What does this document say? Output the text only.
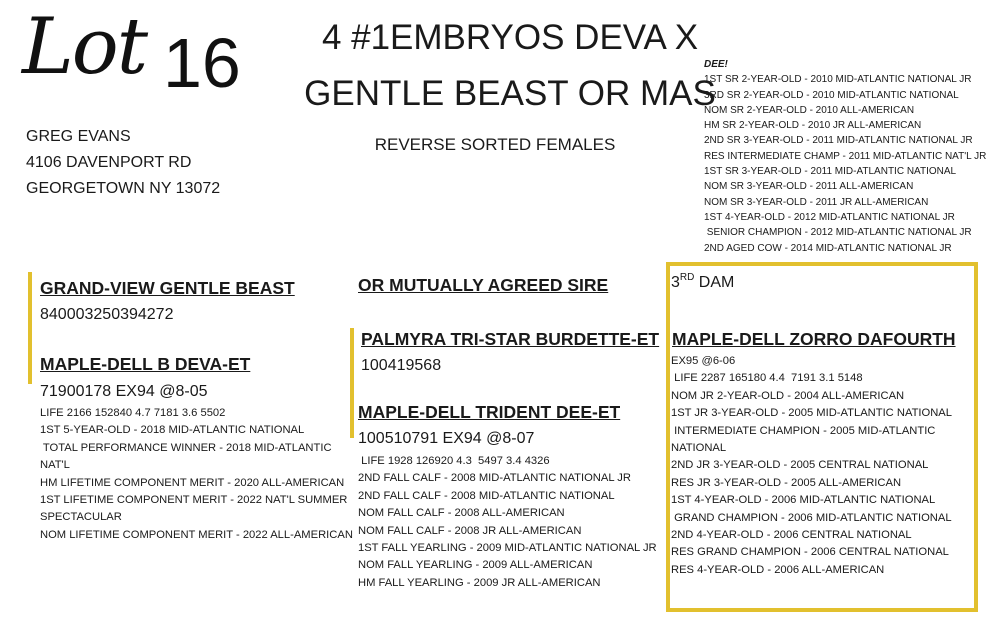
Lot 16
GREG EVANS
4106 DAVENPORT RD
GEORGETOWN NY 13072
4 #1EMBRYOS DEVA X
GENTLE BEAST OR MAS
REVERSE SORTED FEMALES
DEE!
1ST SR 2-YEAR-OLD - 2010 MID-ATLANTIC NATIONAL JR
3RD SR 2-YEAR-OLD - 2010 MID-ATLANTIC NATIONAL
NOM SR 2-YEAR-OLD - 2010 ALL-AMERICAN
HM SR 2-YEAR-OLD - 2010 JR ALL-AMERICAN
2ND SR 3-YEAR-OLD - 2011 MID-ATLANTIC NATIONAL JR
RES INTERMEDIATE CHAMP - 2011 MID-ATLANTIC NAT'L JR
1ST SR 3-YEAR-OLD - 2011 MID-ATLANTIC NATIONAL
NOM SR 3-YEAR-OLD - 2011 ALL-AMERICAN
NOM SR 3-YEAR-OLD - 2011 JR ALL-AMERICAN
1ST 4-YEAR-OLD - 2012 MID-ATLANTIC NATIONAL JR
SENIOR CHAMPION - 2012 MID-ATLANTIC NATIONAL JR
2ND AGED COW - 2014 MID-ATLANTIC NATIONAL JR
GRAND-VIEW GENTLE BEAST
840003250394272
MAPLE-DELL B DEVA-ET
71900178 EX94 @8-05
LIFE 2166 152840 4.7 7181 3.6 5502
1ST 5-YEAR-OLD - 2018 MID-ATLANTIC NATIONAL
TOTAL PERFORMANCE WINNER - 2018 MID-ATLANTIC
NAT'L
HM LIFETIME COMPONENT MERIT - 2020 ALL-AMERICAN
1ST LIFETIME COMPONENT MERIT - 2022 NAT'L SUMMER
SPECTACULAR
NOM LIFETIME COMPONENT MERIT - 2022 ALL-AMERICAN
OR MUTUALLY AGREED SIRE
PALMYRA TRI-STAR BURDETTE-ET
100419568
MAPLE-DELL TRIDENT DEE-ET
100510791 EX94 @8-07
LIFE 1928 126920 4.3  5497 3.4 4326
2ND FALL CALF - 2008 MID-ATLANTIC NATIONAL JR
2ND FALL CALF - 2008 MID-ATLANTIC NATIONAL
NOM FALL CALF - 2008 ALL-AMERICAN
NOM FALL CALF - 2008 JR ALL-AMERICAN
1ST FALL YEARLING - 2009 MID-ATLANTIC NATIONAL JR
NOM FALL YEARLING - 2009 ALL-AMERICAN
HM FALL YEARLING - 2009 JR ALL-AMERICAN
3RD DAM
MAPLE-DELL ZORRO DAFOURTH
EX95 @6-06
LIFE 2287 165180 4.4  7191 3.1 5148
NOM JR 2-YEAR-OLD - 2004 ALL-AMERICAN
1ST JR 3-YEAR-OLD - 2005 MID-ATLANTIC NATIONAL
INTERMEDIATE CHAMPION - 2005 MID-ATLANTIC
NATIONAL
2ND JR 3-YEAR-OLD - 2005 CENTRAL NATIONAL
RES JR 3-YEAR-OLD - 2005 ALL-AMERICAN
1ST 4-YEAR-OLD - 2006 MID-ATLANTIC NATIONAL
GRAND CHAMPION - 2006 MID-ATLANTIC NATIONAL
2ND 4-YEAR-OLD - 2006 CENTRAL NATIONAL
RES GRAND CHAMPION - 2006 CENTRAL NATIONAL
RES 4-YEAR-OLD - 2006 ALL-AMERICAN
